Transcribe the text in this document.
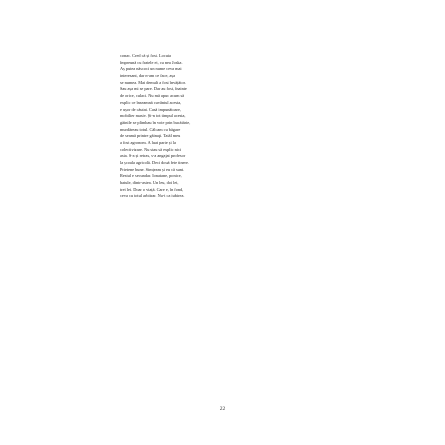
conac. Cred că și fost. Locuia
împreună cu fratele ei, cu nea Joska.
Aș putea născoci un nume ceva mai
interesant, dar n-am ce face, așa
se numea. Mai demult a fost învățător.
Sau așa mi se pare. Dar au fost, înainte
de orice, culaci. Nu mă apuc acum să
explic ce înseamnă cuvântul acesta,
e ușor de căutat. Casă impunătoare,
mobilier masiv. Și-n tot timpul acesta,
găinile se plimbau în voie prin bucătărie,
murdăreau totul. Călcam cu băgare
de seamă printre găinaţi. Tatăl meu
a fost agronom. A luat parte și la
colectivizare. Nu stau să explic nici
asta. S-a și retras, s-a angajat profesor
la școala agricolă. Deci două fete tinere.
Prietene bune. Simțeam și eu că sunt.
Restul e secundar. Ionatane, ponice,
batule, dintr-astea. Un leu, doi lei,
trei lei. Doar o viață. Care e, în fond,
ceva cu totul arbitrar. Nu-i ca iubirea.
22
